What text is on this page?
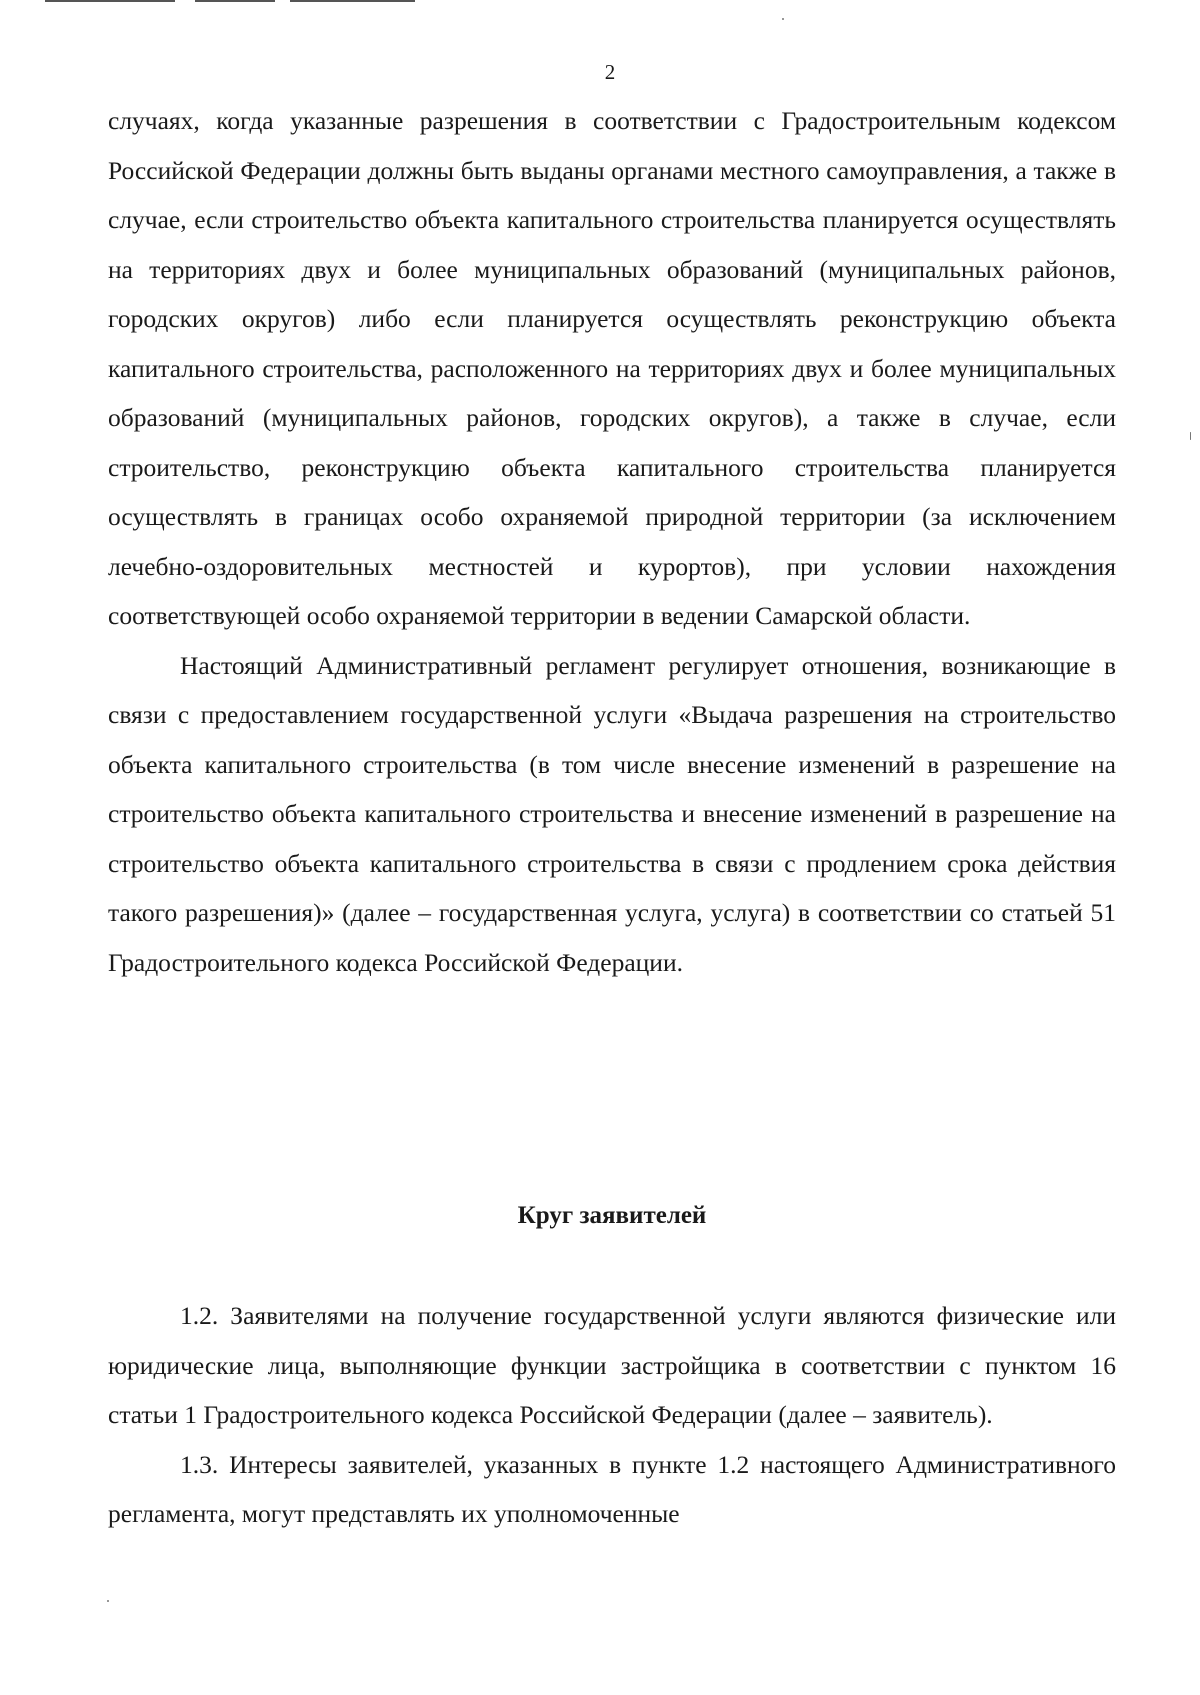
2

случаях, когда указанные разрешения в соответствии с Градостроительным кодексом Российской Федерации должны быть выданы органами местного самоуправления, а также в случае, если строительство объекта капитального строительства планируется осуществлять на территориях двух и более муниципальных образований (муниципальных районов, городских округов) либо если планируется осуществлять реконструкцию объекта капитального строительства, расположенного на территориях двух и более муниципальных образований (муниципальных районов, городских округов), а также в случае, если строительство, реконструкцию объекта капитального строительства планируется осуществлять в границах особо охраняемой природной территории (за исключением лечебно-оздоровительных местностей и курортов), при условии нахождения соответствующей особо охраняемой территории в ведении Самарской области.

Настоящий Административный регламент регулирует отношения, возникающие в связи с предоставлением государственной услуги «Выдача разрешения на строительство объекта капитального строительства (в том числе внесение изменений в разрешение на строительство объекта капитального строительства и внесение изменений в разрешение на строительство объекта капитального строительства в связи с продлением срока действия такого разрешения)» (далее – государственная услуга, услуга) в соответствии со статьей 51 Градостроительного кодекса Российской Федерации.

Круг заявителей

1.2. Заявителями на получение государственной услуги являются физические или юридические лица, выполняющие функции застройщика в соответствии с пунктом 16 статьи 1 Градостроительного кодекса Российской Федерации (далее – заявитель).

1.3. Интересы заявителей, указанных в пункте 1.2 настоящего Административного регламента, могут представлять их уполномоченные
